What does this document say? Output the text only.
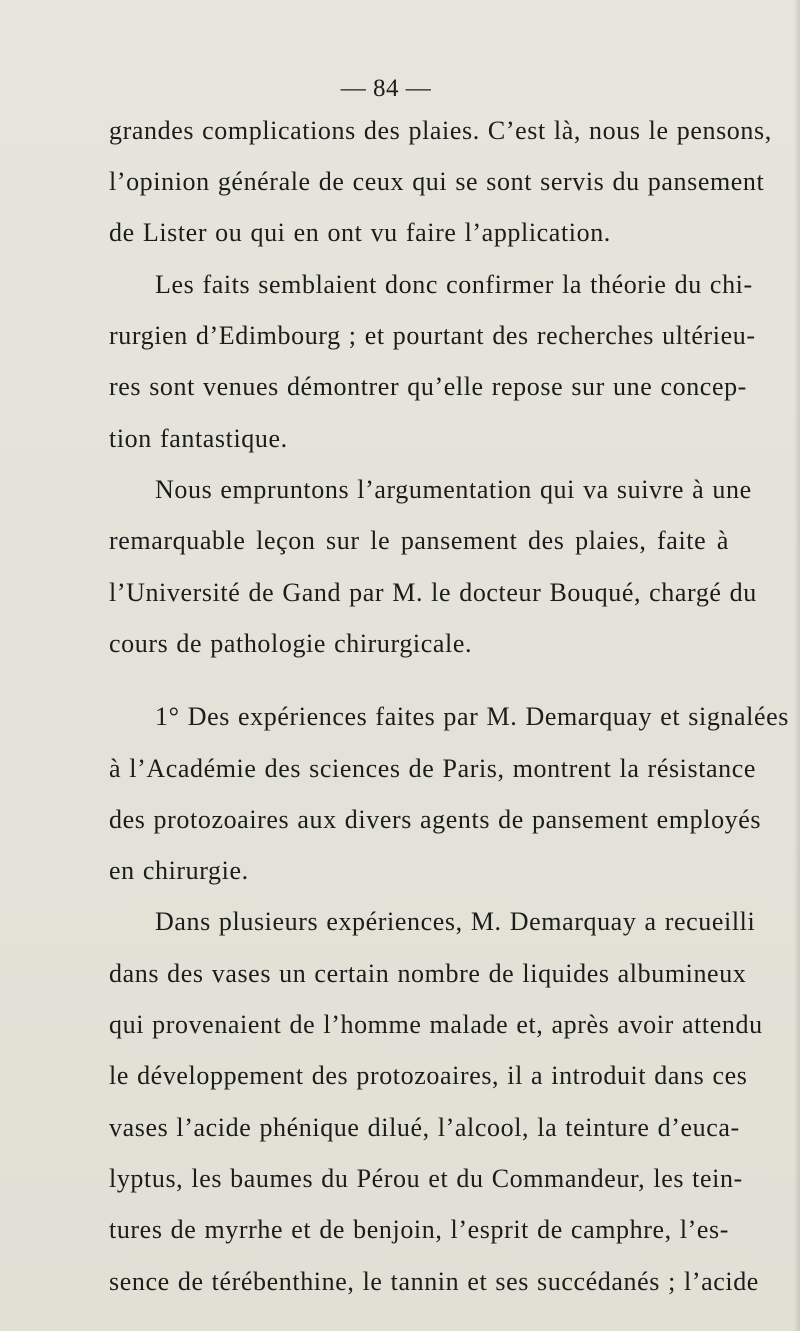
— 84 —
grandes complications des plaies. C’est là, nous le pensons,
l’opinion générale de ceux qui se sont servis du pansement
de Lister ou qui en ont vu faire l’application.
Les faits semblaient donc confirmer la théorie du chi-
rurgien d’Edimbourg ; et pourtant des recherches ultérieu-
res sont venues démontrer qu’elle repose sur une concep-
tion fantastique.
Nous empruntons l’argumentation qui va suivre à une
remarquable leçon sur le pansement des plaies, faite à
l’Université de Gand par M. le docteur Bouqué, chargé du
cours de pathologie chirurgicale.
1° Des expériences faites par M. Demarquay et signalées
à l’Académie des sciences de Paris, montrent la résistance
des protozoaires aux divers agents de pansement employés
en chirurgie.
Dans plusieurs expériences, M. Demarquay a recueilli
dans des vases un certain nombre de liquides albumineux
qui provenaient de l’homme malade et, après avoir attendu
le développement des protozoaires, il a introduit dans ces
vases l’acide phénique dilué, l’alcool, la teinture d’euca-
lyptus, les baumes du Pérou et du Commandeur, les tein-
tures de myrrhe et de benjoin, l’esprit de camphre, l’es-
sence de térébenthine, le tannin et ses succédanés ; l’acide
